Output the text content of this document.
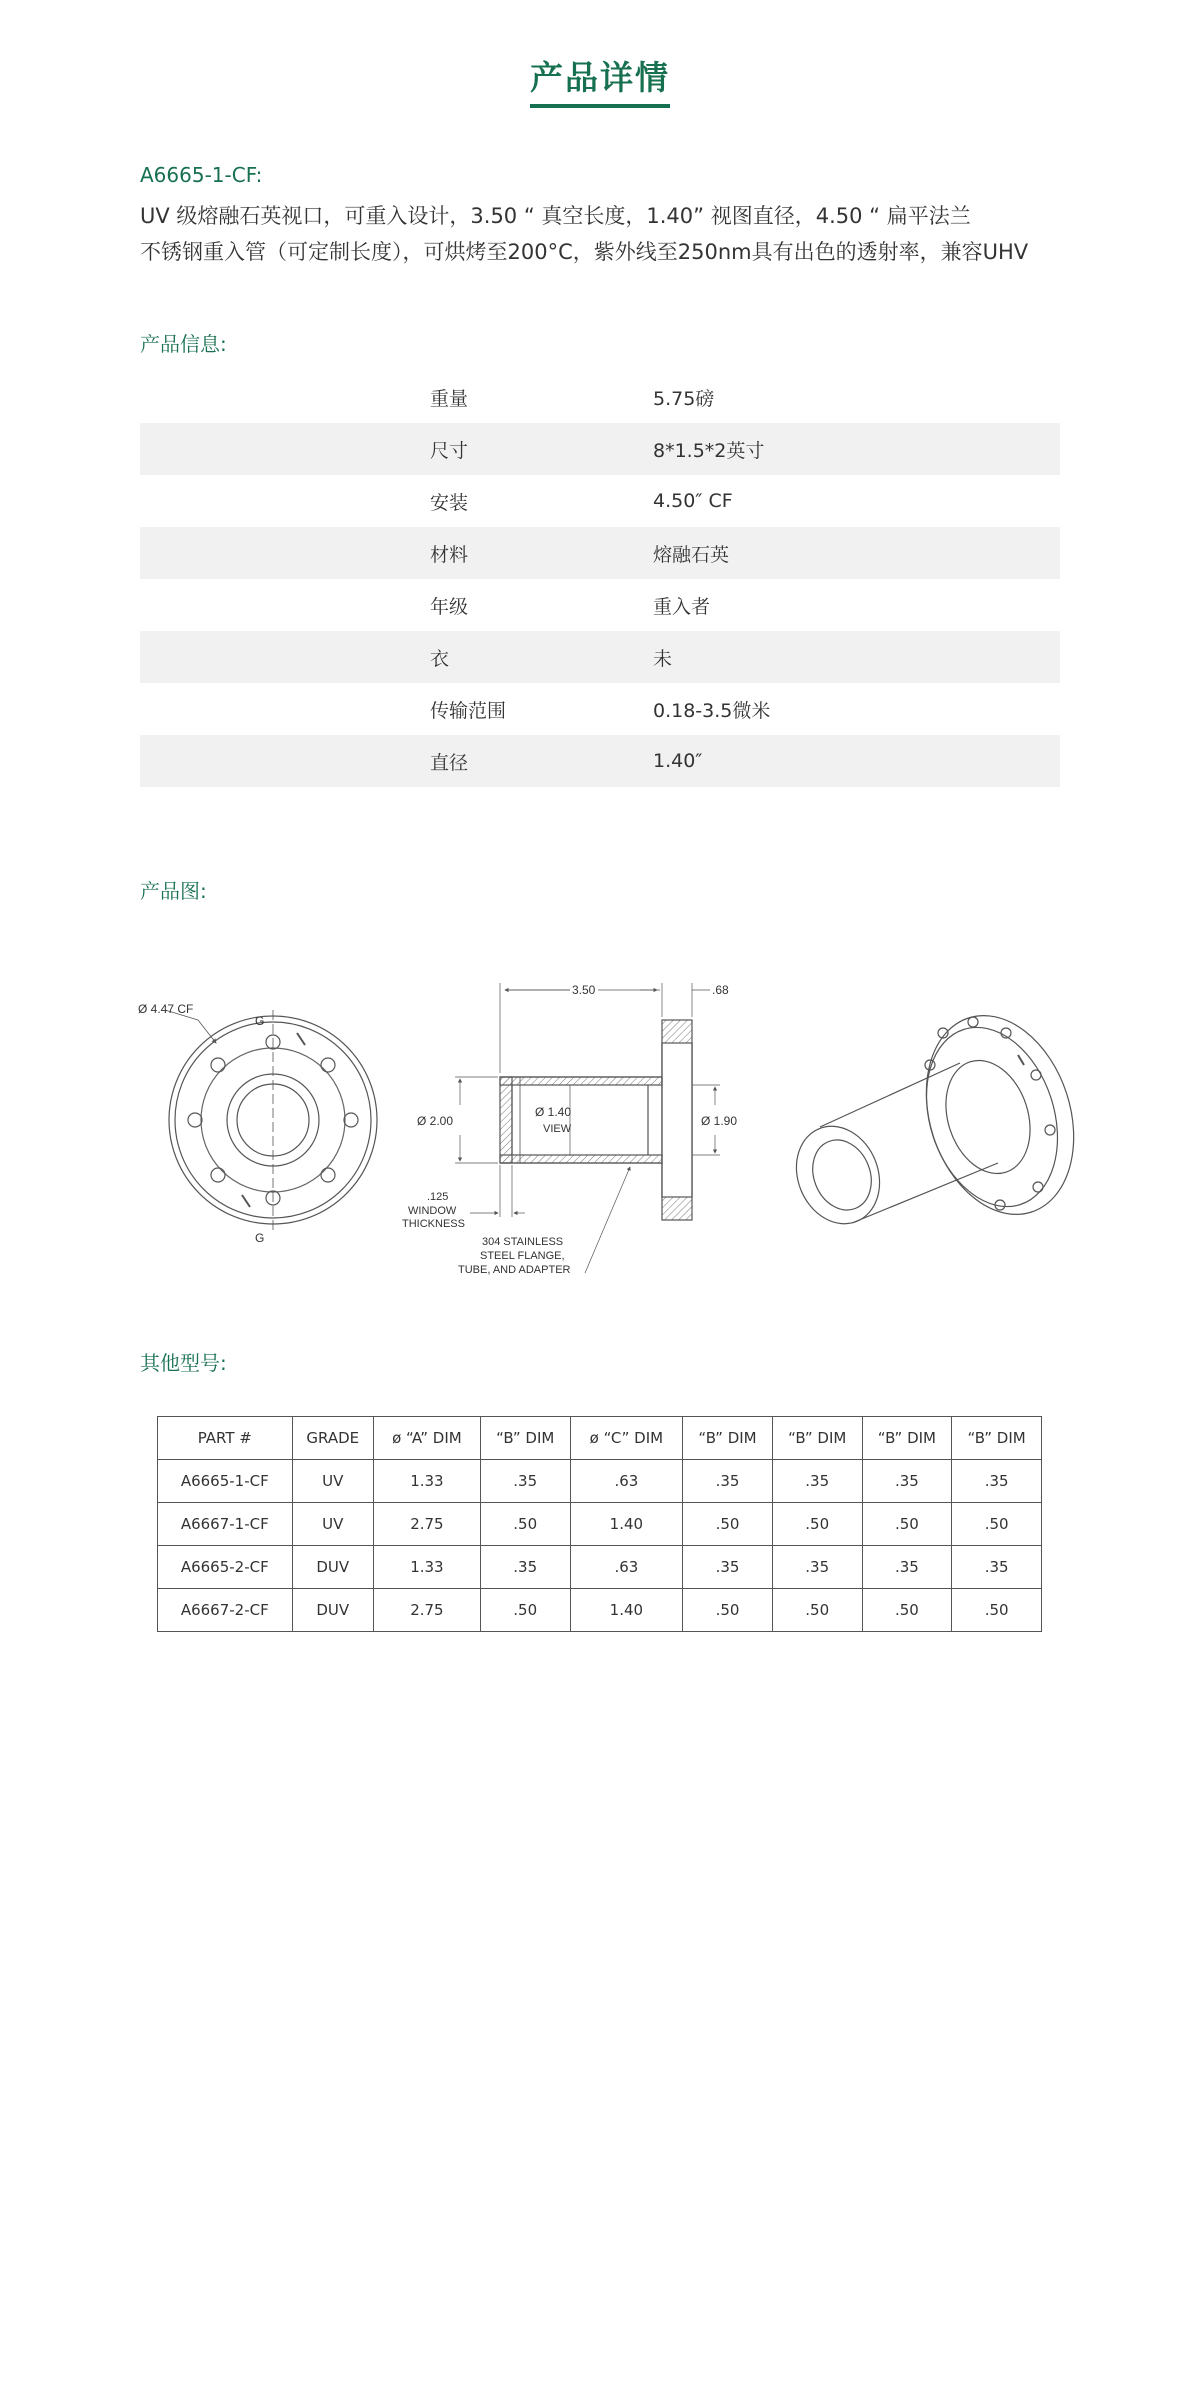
产品详情
A6665-1-CF:
UV 级熔融石英视口，可重入设计，3.50 “ 真空长度，1.40” 视图直径，4.50 “ 扁平法兰
不锈钢重入管（可定制长度），可烘烤至200°C，紫外线至250nm具有出色的透射率，兼容UHV
产品信息:
重量	5.75磅
尺寸	8*1.5*2英寸
安装	4.50″ CF
材料	熔融石英
年级	重入者
衣	未
传输范围	0.18-3.5微米
直径	1.40″
产品图:
Ø 4.47 CF
G
G
3.50	.68
Ø 2.00
Ø 1.40
VIEW
Ø 1.90
.125
WINDOW
THICKNESS
304 STAINLESS
STEEL FLANGE,
TUBE, AND ADAPTER
其他型号:
PART #	GRADE	ø “A” DIM	“B” DIM	ø “C” DIM	“B” DIM	“B” DIM	“B” DIM	“B” DIM
A6665-1-CF	UV	1.33	.35	.63	.35	.35	.35	.35
A6667-1-CF	UV	2.75	.50	1.40	.50	.50	.50	.50
A6665-2-CF	DUV	1.33	.35	.63	.35	.35	.35	.35
A6667-2-CF	DUV	2.75	.50	1.40	.50	.50	.50	.50
